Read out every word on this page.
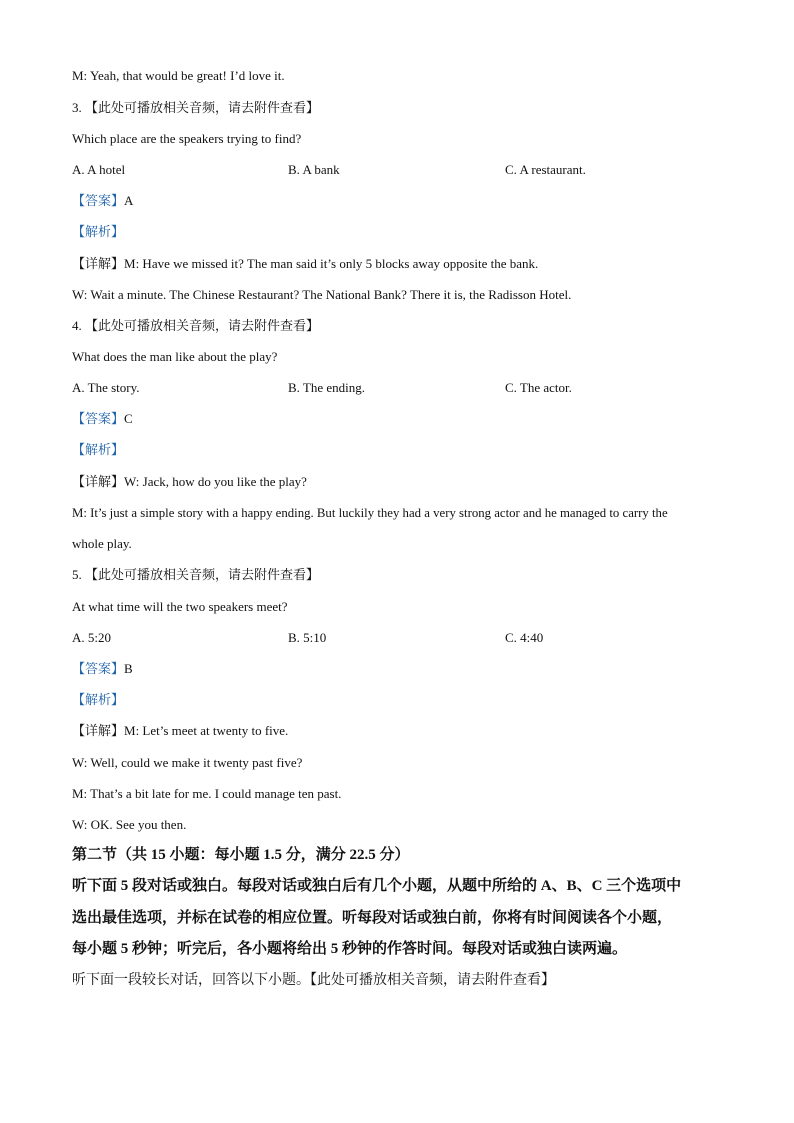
M: Yeah, that would be great! I’d love it.
3. 【此处可播放相关音频，请去附件查看】
Which place are the speakers trying to find?
A. A hotel	B. A bank	C. A restaurant.
【答案】A
【解析】
【详解】M: Have we missed it? The man said it’s only 5 blocks away opposite the bank.
W: Wait a minute. The Chinese Restaurant? The National Bank? There it is, the Radisson Hotel.
4. 【此处可播放相关音频，请去附件查看】
What does the man like about the play?
A. The story.	B. The ending.	C. The actor.
【答案】C
【解析】
【详解】W: Jack, how do you like the play?
M: It’s just a simple story with a happy ending. But luckily they had a very strong actor and he managed to carry the
whole play.
5. 【此处可播放相关音频，请去附件查看】
At what time will the two speakers meet?
A. 5:20	B. 5:10	C. 4:40
【答案】B
【解析】
【详解】M: Let’s meet at twenty to five.
W: Well, could we make it twenty past five?
M: That’s a bit late for me. I could manage ten past.
W: OK. See you then.
第二节（共 15 小题：每小题 1.5 分，满分 22.5 分）
听下面 5 段对话或独白。每段对话或独白后有几个小题，从题中所给的 A、B、C 三个选项中
选出最佳选项，并标在试卷的相应位置。听每段对话或独白前，你将有时间阅读各个小题，
每小题 5 秒钟；听完后，各小题将给出 5 秒钟的作答时间。每段对话或独白读两遍。
听下面一段较长对话，回答以下小题。【此处可播放相关音频，请去附件查看】
